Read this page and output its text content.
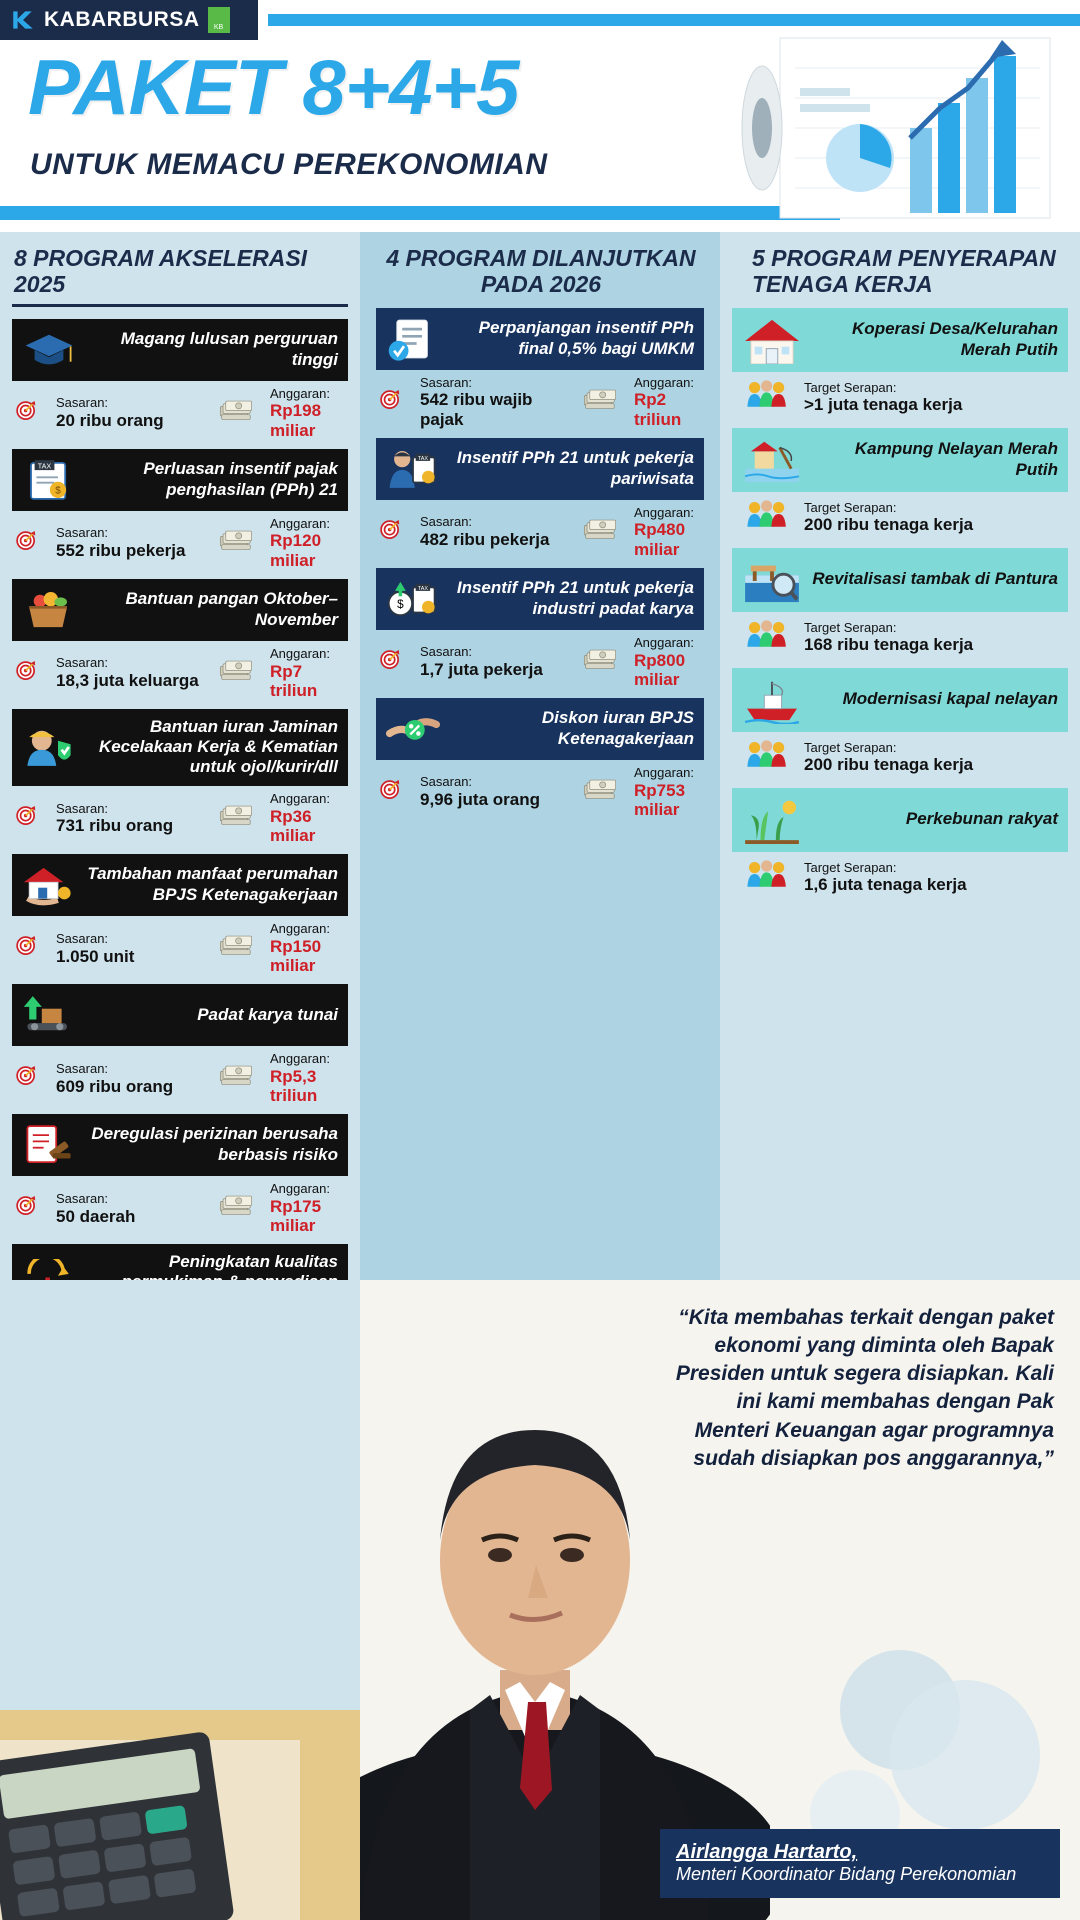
KABARBURSA	KB
PAKET 8+4+5
UNTUK MEMACU PEREKONOMIAN
8 PROGRAM AKSELERASI 2025
Magang lulusan perguruan tinggi
Sasaran:
20 ribu orang
Anggaran:
Rp198 miliar
TAX
$
Perluasan insentif pajak penghasilan (PPh) 21
Sasaran:
552 ribu pekerja
Anggaran:
Rp120 miliar
Bantuan pangan Oktober–November
Sasaran:
18,3 juta keluarga
Anggaran:
Rp7 triliun
Bantuan iuran Jaminan Kecelakaan Kerja & Kematian untuk ojol/kurir/dll
Sasaran:
731 ribu orang
Anggaran:
Rp36 miliar
Tambahan manfaat perumahan BPJS Ketenagakerjaan
Sasaran:
1.050 unit
Anggaran:
Rp150 miliar
Padat karya tunai
Sasaran:
609 ribu orang
Anggaran:
Rp5,3 triliun
Deregulasi perizinan berusaha berbasis risiko
Sasaran:
50 daerah
Anggaran:
Rp175 miliar
Peningkatan kualitas
4 PROGRAM DILANJUTKAN PADA 2026
Perpanjangan insentif PPh final 0,5% bagi UMKM
Sasaran:
542 ribu wajib pajak
Anggaran:
Rp2 triliun
TAX	Insentif PPh 21 untuk pekerja pariwisata
Sasaran:
482 ribu pekerja
Anggaran:
Rp480 miliar
$
TAX	Insentif PPh 21 untuk pekerja industri padat karya
Sasaran:
1,7 juta pekerja
Anggaran:
Rp800 miliar
Diskon iuran BPJS Ketenagakerjaan
Sasaran:
9,96 juta orang
Anggaran:
Rp753 miliar
5 PROGRAM PENYERAPAN TENAGA KERJA
Koperasi Desa/Kelurahan Merah Putih
Target Serapan:
>1 juta tenaga kerja
Kampung Nelayan Merah Putih
Target Serapan:
200 ribu tenaga kerja
Revitalisasi tambak di Pantura
Target Serapan:
168 ribu tenaga kerja
Modernisasi kapal nelayan
Target Serapan:
200 ribu tenaga kerja
Perkebunan rakyat
Target Serapan:
1,6 juta tenaga kerja
“Kita membahas terkait dengan paket ekonomi yang diminta oleh Bapak Presiden untuk segera disiapkan. Kali ini kami membahas dengan Pak Menteri Keuangan agar programnya sudah disiapkan pos anggarannya,”
Airlangga Hartarto,
Menteri Koordinator Bidang Perekonomian
